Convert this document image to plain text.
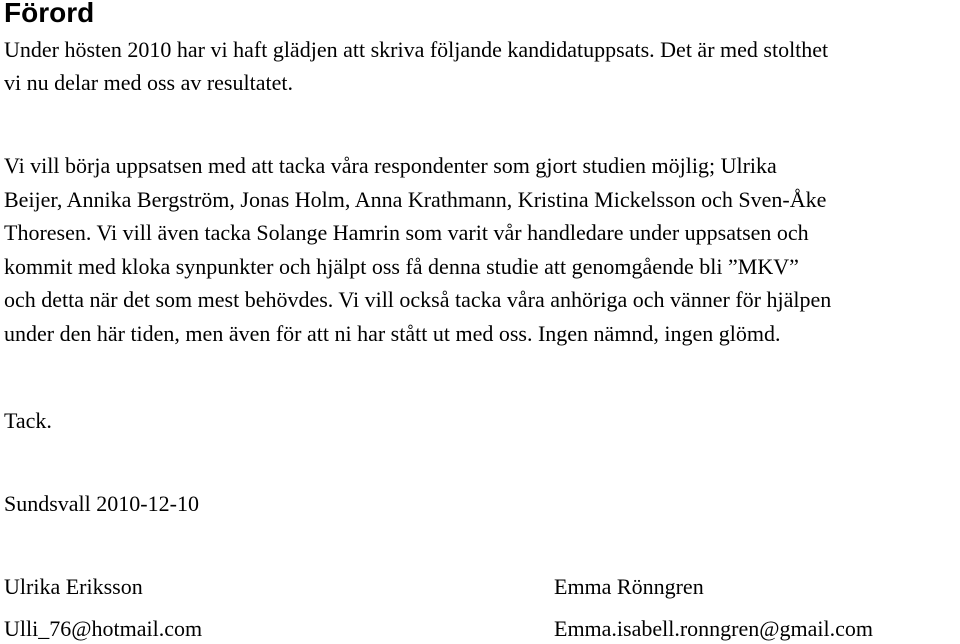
Förord

Under hösten 2010 har vi haft glädjen att skriva följande kandidatuppsats. Det är med stolthet
vi nu delar med oss av resultatet.

Vi vill börja uppsatsen med att tacka våra respondenter som gjort studien möjlig; Ulrika
Beijer, Annika Bergström, Jonas Holm, Anna Krathmann, Kristina Mickelsson och Sven-Åke
Thoresen. Vi vill även tacka Solange Hamrin som varit vår handledare under uppsatsen och
kommit med kloka synpunkter och hjälpt oss få denna studie att genomgående bli ”MKV”
och detta när det som mest behövdes. Vi vill också tacka våra anhöriga och vänner för hjälpen
under den här tiden, men även för att ni har stått ut med oss. Ingen nämnd, ingen glömd.

Tack.

Sundsvall 2010-12-10

Ulrika Eriksson

Ulli_76@hotmail.com

Emma Rönngren

Emma.isabell.ronngren@gmail.com
